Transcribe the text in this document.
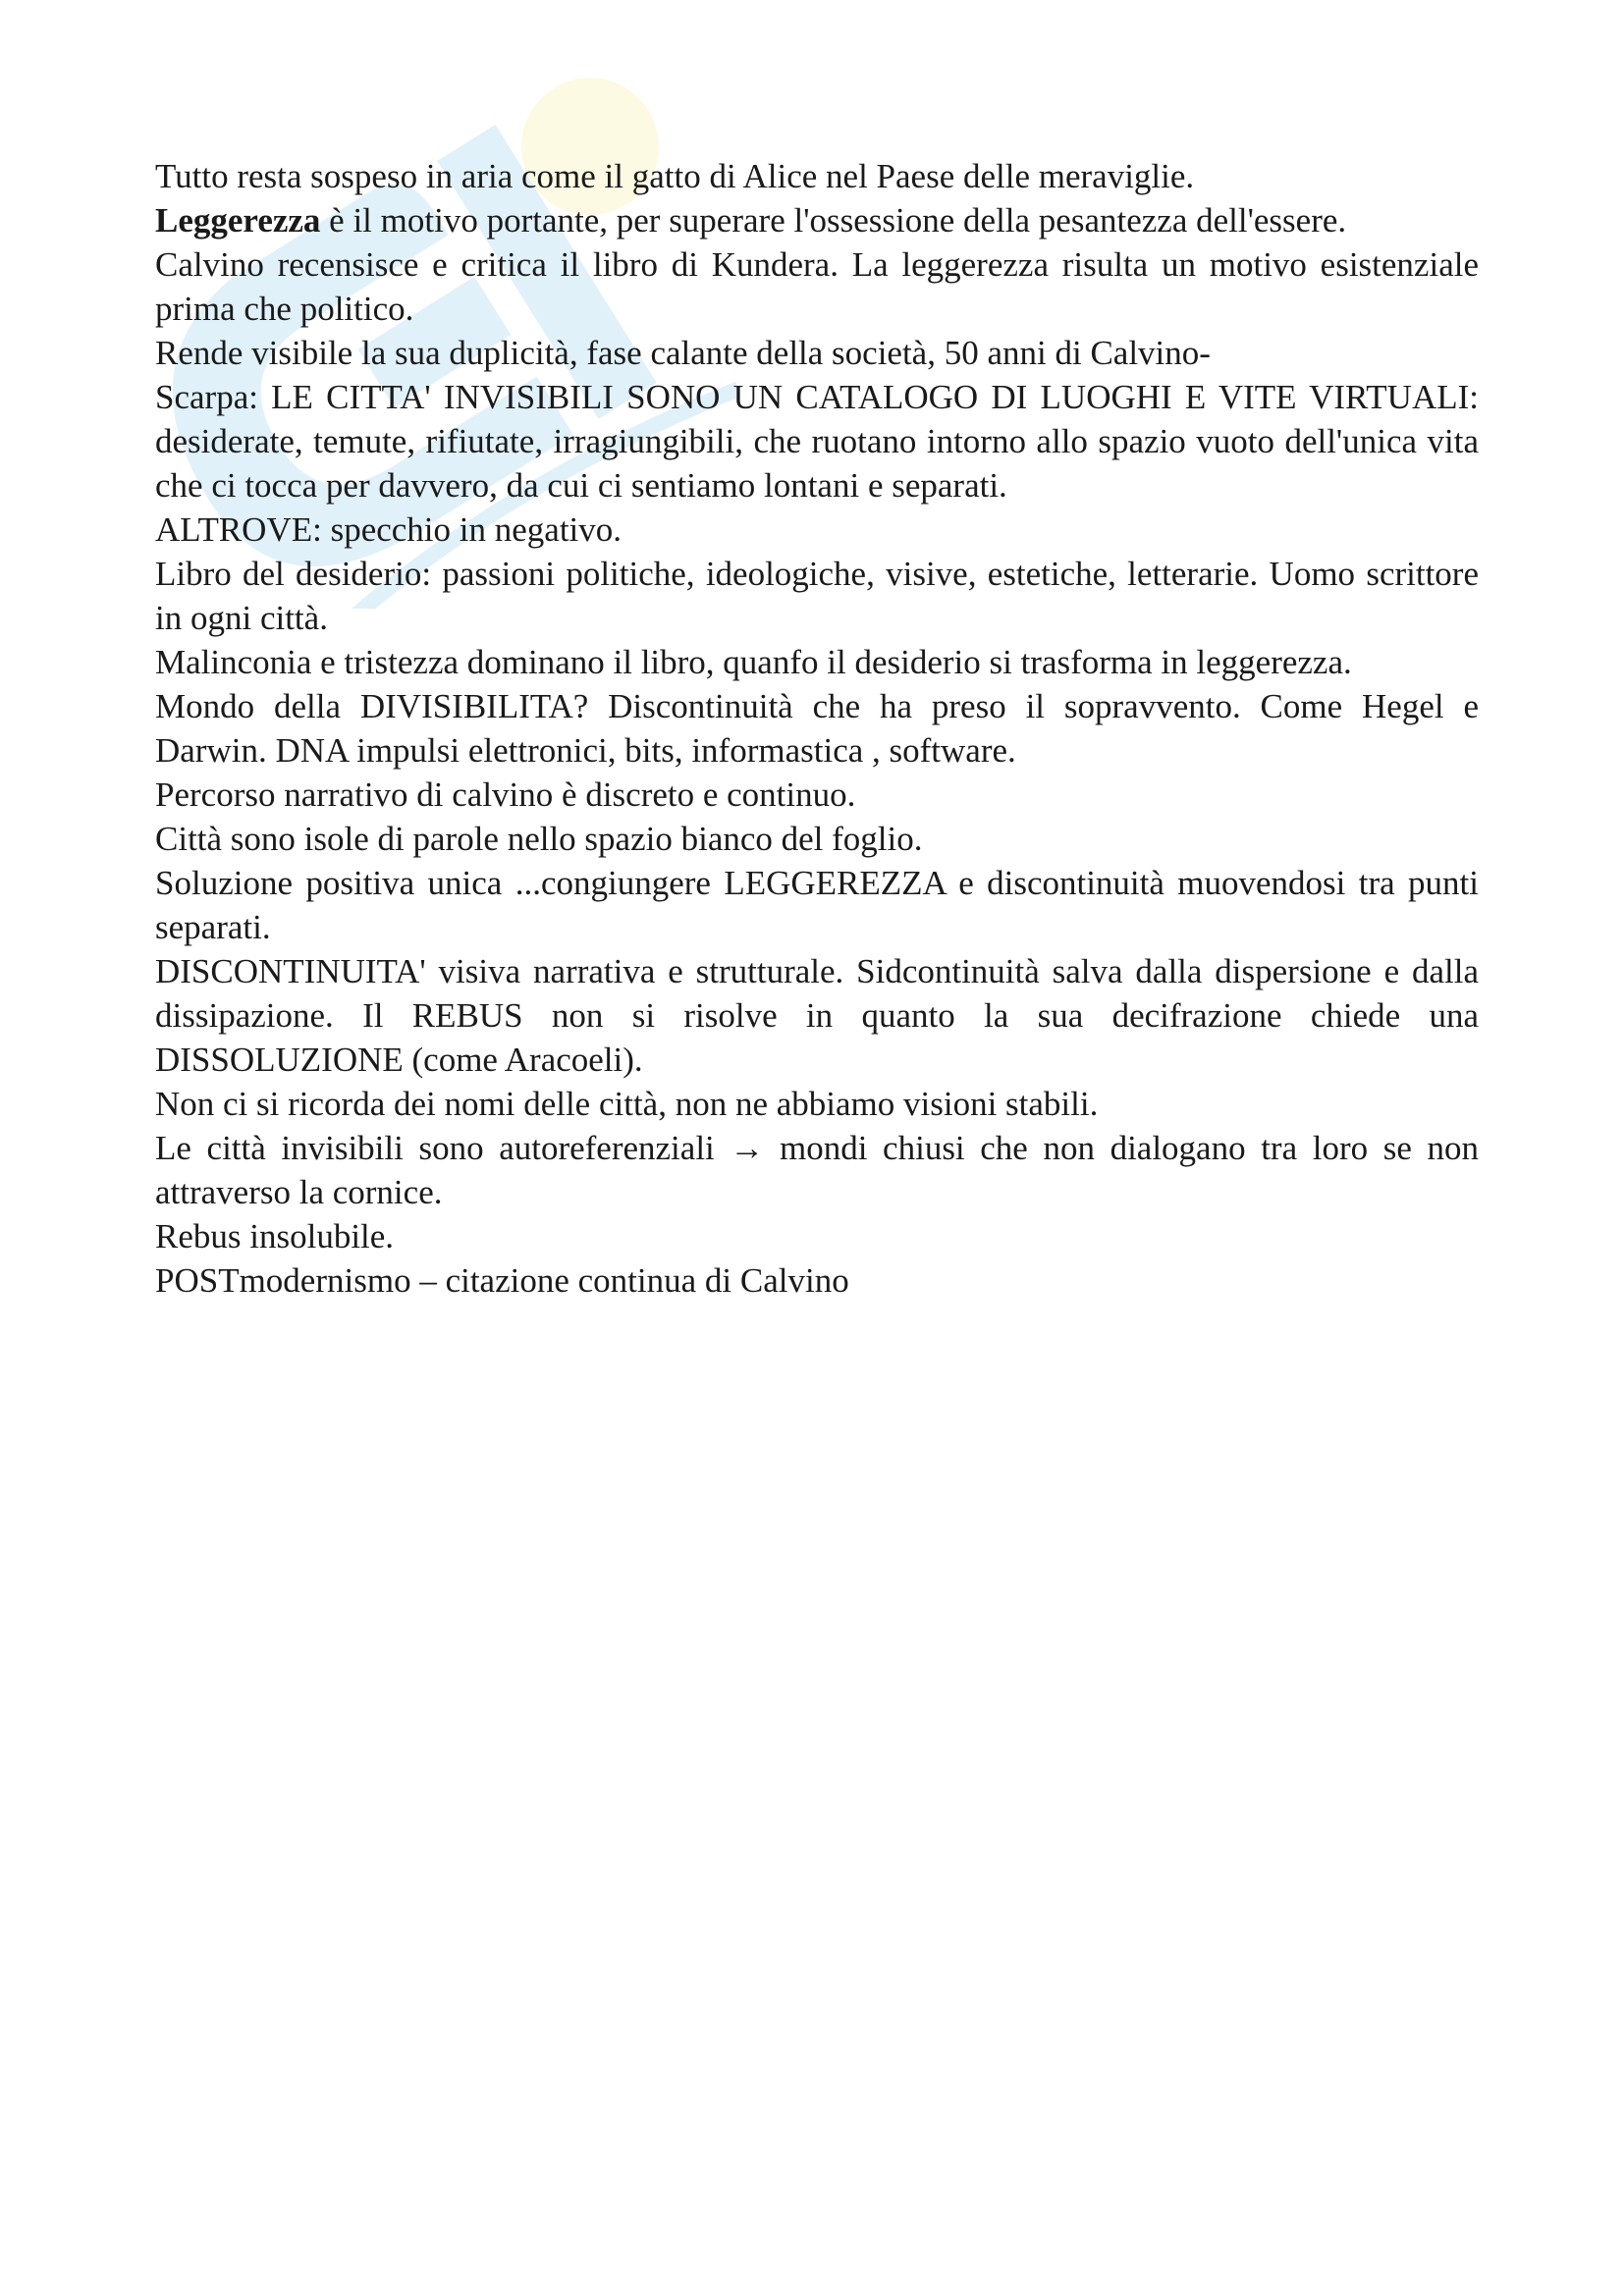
Tutto resta sospeso in aria come il gatto di Alice nel Paese delle meraviglie.

Leggerezza è il motivo portante, per superare l'ossessione della pesantezza dell'essere.

Calvino recensisce e critica il libro di Kundera. La leggerezza risulta un motivo esistenziale prima che politico.

Rende visibile la sua duplicità, fase calante della società, 50 anni di Calvino-

Scarpa: LE CITTA' INVISIBILI SONO UN CATALOGO DI LUOGHI E VITE VIRTUALI: desiderate, temute, rifiutate, irragiungibili, che ruotano intorno allo spazio vuoto dell'unica vita che ci tocca per davvero, da cui ci sentiamo lontani e separati.

ALTROVE: specchio in negativo.

Libro del desiderio: passioni politiche, ideologiche, visive, estetiche, letterarie. Uomo scrittore in ogni città.

Malinconia e tristezza dominano il libro, quanfo il desiderio si trasforma in leggerezza.

Mondo della DIVISIBILITA? Discontinuità che ha preso il sopravvento. Come Hegel e Darwin. DNA impulsi elettronici, bits, informastica , software.

Percorso narrativo di calvino è discreto e continuo.

Città sono isole di parole nello spazio bianco del foglio.

Soluzione positiva unica ...congiungere LEGGEREZZA e discontinuità muovendosi tra punti separati.

DISCONTINUITA' visiva narrativa e strutturale. Sidcontinuità salva dalla dispersione e dalla dissipazione. Il REBUS non si risolve in quanto la sua decifrazione chiede una DISSOLUZIONE (come Aracoeli).

Non ci si ricorda dei nomi delle città, non ne abbiamo visioni stabili.

Le città invisibili sono autoreferenziali → mondi chiusi che non dialogano tra loro se non attraverso la cornice.

Rebus insolubile.

POSTmodernismo – citazione continua di Calvino
